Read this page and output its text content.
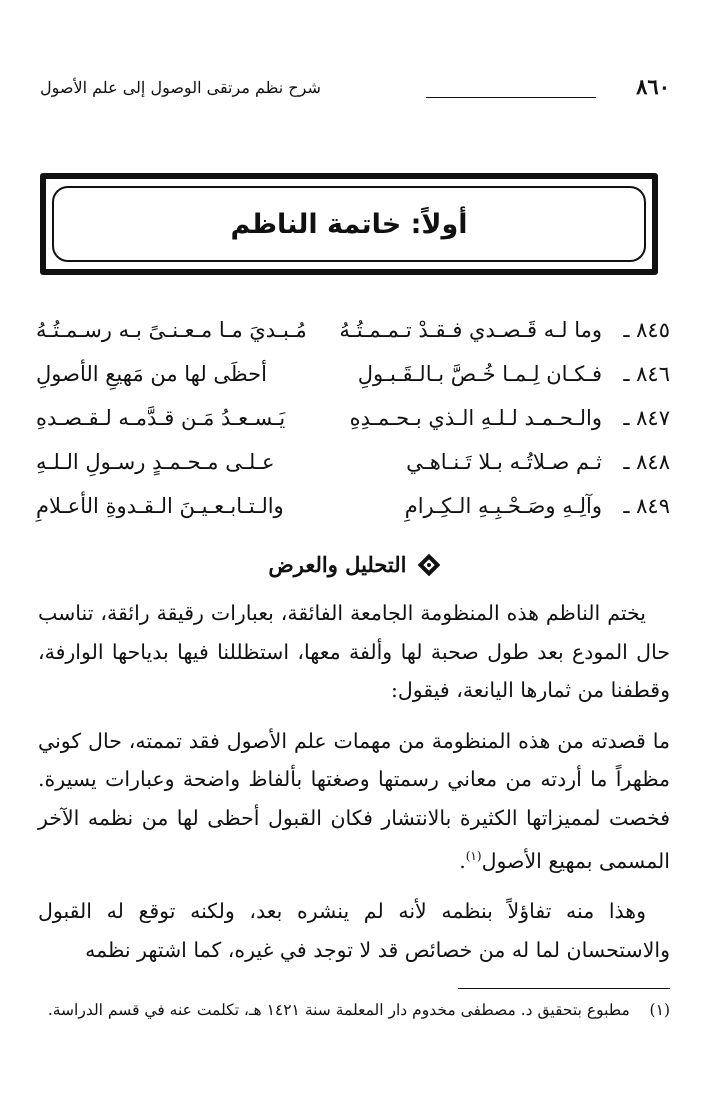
٨٦٠
شرح نظم مرتقى الوصول إلى علم الأصول
أولاً: خاتمة الناظم
٨٤٥ ـ
وما لـه قَـصـدي فـقـدْ تـمـمـتُـهُ
مُـبـديَ مـا مـعـنـىً بـه رسـمـتُـهُ
٨٤٦ ـ
فـكـان لِـمـا خُـصَّ بـالـقَـبـولِ
أحظَى لها من مَهيعِ الأصولِ
٨٤٧ ـ
والـحـمـد لـلـهِ الـذي بـحـمـدِهِ
يَـسـعـدُ مَـن قـدَّمـه لـقـصـدهِ
٨٤٨ ـ
ثـم صـلاتُـه بـلا تَـنـاهـي
عـلـى مـحـمـدٍ رسـولِ الـلـهِ
٨٤٩ ـ
وآلِـهِ وصَـحْـبِـهِ الـكِـرامِ
والـتـابـعـيـنَ الـقـدوةِ الأعـلامِ
التحليل والعرض

يختم الناظم هذه المنظومة الجامعة الفائقة، بعبارات رقيقة رائقة، تناسب حال المودع بعد طول صحبة لها وألفة معها، استظللنا فيها بدياحها الوارفة، وقطفنا من ثمارها اليانعة، فيقول:

ما قصدته من هذه المنظومة من مهمات علم الأصول فقد تممته، حال كوني مظهراً ما أردته من معاني رسمتها وصغتها بألفاظ واضحة وعبارات يسيرة. فخصت لمميزاتها الكثيرة بالانتشار فكان القبول أحظى لها من نظمه الآخر المسمى بمهيع الأصول$^{(١)}$.

وهذا منه تفاؤلاً بنظمه لأنه لم ينشره بعد، ولكنه توقع له القبول والاستحسان لما له من خصائص قد لا توجد في غيره، كما اشتهر نظمه

(١)    مطبوع بتحقيق د. مصطفى مخدوم دار المعلمة سنة ١٤٢١ هـ، تكلمت عنه في قسم الدراسة.
